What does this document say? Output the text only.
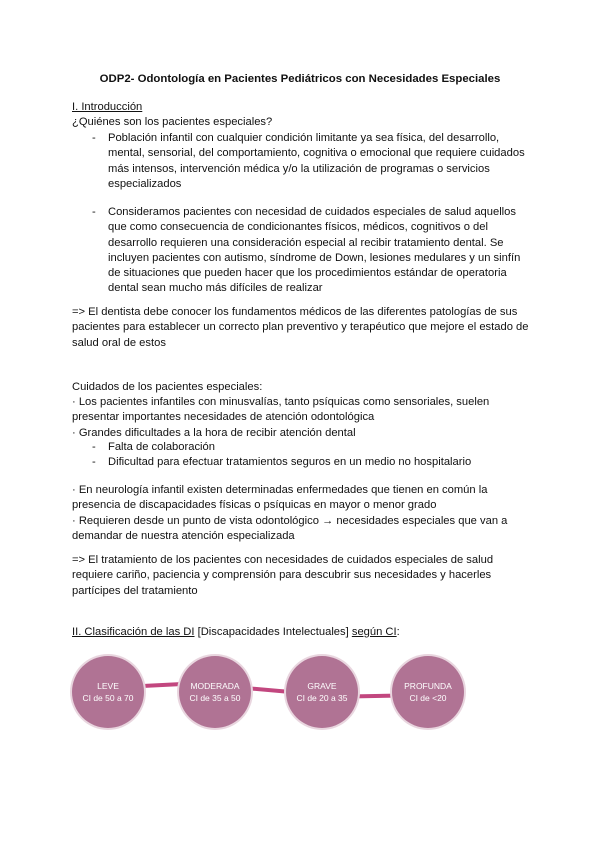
ODP2- Odontología en Pacientes Pediátricos con Necesidades Especiales
I. Introducción
¿Quiénes son los pacientes especiales?
- Población infantil con cualquier condición limitante ya sea física, del desarrollo,
mental, sensorial, del comportamiento, cognitiva o emocional que requiere cuidados
más intensos, intervención médica y/o la utilización de programas o servicios
especializados
- Consideramos pacientes con necesidad de cuidados especiales de salud aquellos
que como consecuencia de condicionantes físicos, médicos, cognitivos o del
desarrollo requieren una consideración especial al recibir tratamiento dental. Se
incluyen pacientes con autismo, síndrome de Down, lesiones medulares y un sinfín
de situaciones que pueden hacer que los procedimientos estándar de operatoria
dental sean mucho más difíciles de realizar
=> El dentista debe conocer los fundamentos médicos de las diferentes patologías de sus
pacientes para establecer un correcto plan preventivo y terapéutico que mejore el estado de
salud oral de estos
Cuidados de los pacientes especiales:
· Los pacientes infantiles con minusvalías, tanto psíquicas como sensoriales, suelen
presentar importantes necesidades de atención odontológica
· Grandes dificultades a la hora de recibir atención dental
- Falta de colaboración
- Dificultad para efectuar tratamientos seguros en un medio no hospitalario
· En neurología infantil existen determinadas enfermedades que tienen en común la
presencia de discapacidades físicas o psíquicas en mayor o menor grado
· Requieren desde un punto de vista odontológico → necesidades especiales que van a
demandar de nuestra atención especializada
=> El tratamiento de los pacientes con necesidades de cuidados especiales de salud
requiere cariño, paciencia y comprensión para descubrir sus necesidades y hacerles
partícipes del tratamiento
II. Clasificación de las DI [Discapacidades Intelectuales] según CI:
LEVE
CI de 50 a 70
MODERADA
CI de 35 a 50
GRAVE
CI de 20 a 35
PROFUNDA
CI de <20
